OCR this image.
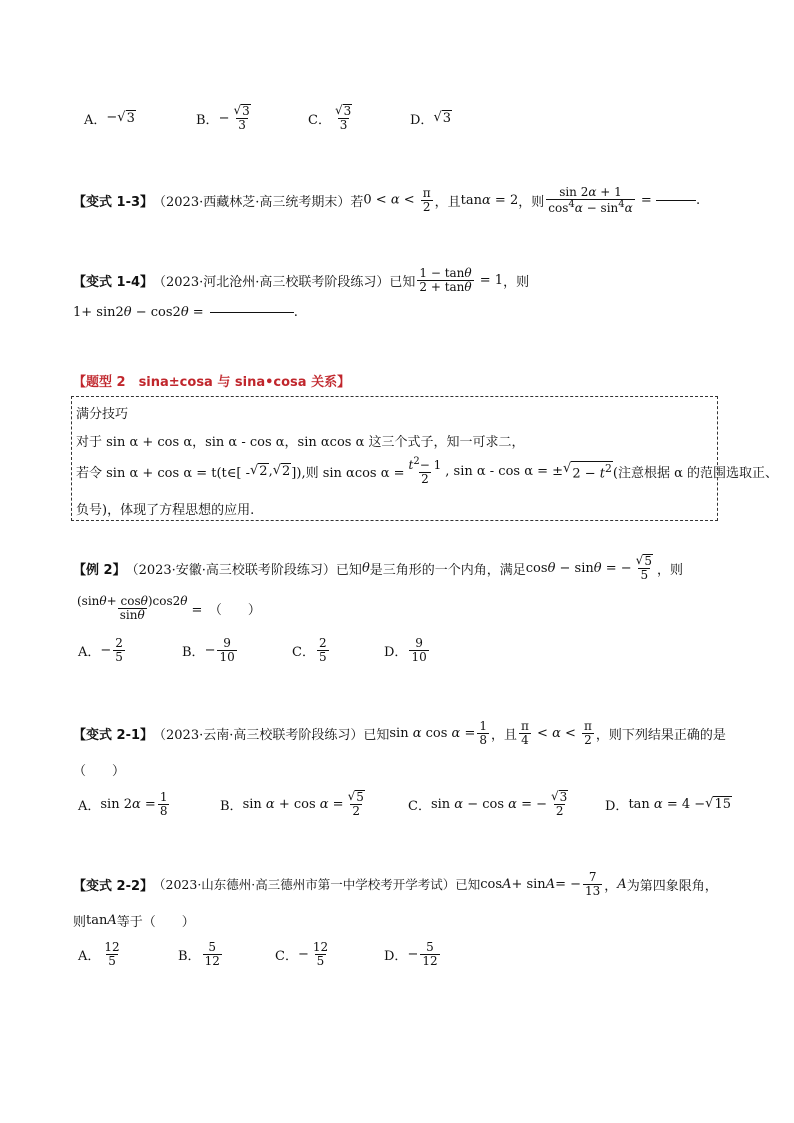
A． − √ 3	B． − $\frac{√ 3}{3}$	C． $\frac{√ 3}{3}$	D． √ 3
【变式 1-3】 （2023·西藏林芝·高三统考期末）若 $0 < \alpha < \frac{\pi}{2}$ ，且 tanα = 2 ，则 $\frac{\sin 2\alpha + 1}{\cos^4\alpha - \sin^4\alpha}$ =	.
【变式 1-4】 （2023·河北沧州·高三校联考阶段练习）已知 $\frac{1 - \tan\theta}{2 + \tan\theta} = 1$ ，则
1+ sin2θ − cos2θ =	.
【题型 2　sina±cosa 与 sina•cosa 关系】
满分技巧
对于 sin α + cos α，sin α - cos α，sin αcos α 这三个式子，知一可求二，
若令 sin α + cos α = t(t∈[ - √ 2 , √ 2 ]),则 sin αcos $\alpha = \frac{t^2- 1}{2}$ , sin α - cos α = ± √ $2 - t^2$ (注意根据 α 的范围选取正、
负号)，体现了方程思想的应用.
【例 2】 （2023·安徽·高三校联考阶段练习）已知 θ 是三角形的一个内角，满足 cosθ − sinθ = − $\frac{√ 5}{5}$ ，则
$\frac{(\sin\theta+ \cos\theta)\cos 2\theta}{\sin\theta}$ =　（　　）
A． − $\frac{2}{5}$	B． − $\frac{9}{10}$	C． $\frac{2}{5}$	D． $\frac{9}{10}$
【变式 2-1】 （2023·云南·高三校联考阶段练习）已知 sin α $\cos \alpha = \frac{1}{8}$ ，且 $\frac{\pi}{4} < \alpha < \frac{\pi}{2}$ ，则下列结果正确的是
（　　）
A． $\sin 2\alpha = \frac{1}{8}$	B． $\sin \alpha + \cos \alpha = \frac{√ 5}{2}$	C． sin α − cos α = − $\frac{√ 3}{2}$	D． tan α = 4 − √ 15
【变式 2-2】 （2023·山东德州·高三德州市第一中学校考开学考试）已知 $\cos A+ \sin A= - \frac{7}{13}$ ， A 为第四象限角，
则 tanA 等于（　　）
A． $\frac{12}{5}$	B． $\frac{5}{12}$	C． − $\frac{12}{5}$	D． − $\frac{5}{12}$
